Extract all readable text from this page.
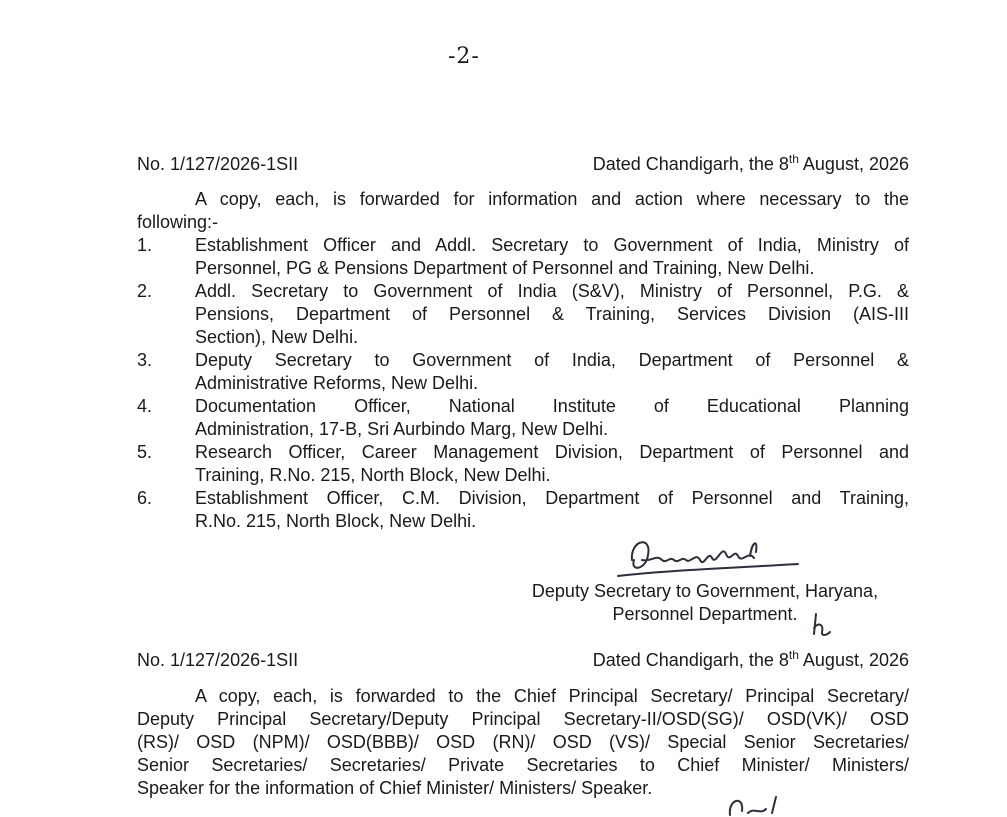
-2-
No. 1/127/2026-1SII	Dated Chandigarh, the 8th August, 2026
A copy, each, is forwarded for information and action where necessary to the
following:-
1. Establishment Officer and Addl. Secretary to Government of India, Ministry of
Personnel, PG & Pensions Department of Personnel and Training, New Delhi.
2. Addl. Secretary to Government of India (S&V), Ministry of Personnel, P.G. &
Pensions, Department of Personnel & Training, Services Division (AIS-III
Section), New Delhi.
3. Deputy Secretary to Government of India, Department of Personnel &
Administrative Reforms, New Delhi.
4. Documentation Officer, National Institute of Educational Planning
Administration, 17-B, Sri Aurbindo Marg, New Delhi.
5. Research Officer, Career Management Division, Department of Personnel and
Training, R.No. 215, North Block, New Delhi.
6. Establishment Officer, C.M. Division, Department of Personnel and Training,
R.No. 215, North Block, New Delhi.
Deputy Secretary to Government, Haryana,
Personnel Department.
No. 1/127/2026-1SII	Dated Chandigarh, the 8th August, 2026
A copy, each, is forwarded to the Chief Principal Secretary/ Principal Secretary/
Deputy Principal Secretary/Deputy Principal Secretary-II/OSD(SG)/ OSD(VK)/ OSD
(RS)/ OSD (NPM)/ OSD(BBB)/ OSD (RN)/ OSD (VS)/ Special Senior Secretaries/
Senior Secretaries/ Secretaries/ Private Secretaries to Chief Minister/ Ministers/
Speaker for the information of Chief Minister/ Ministers/ Speaker.
